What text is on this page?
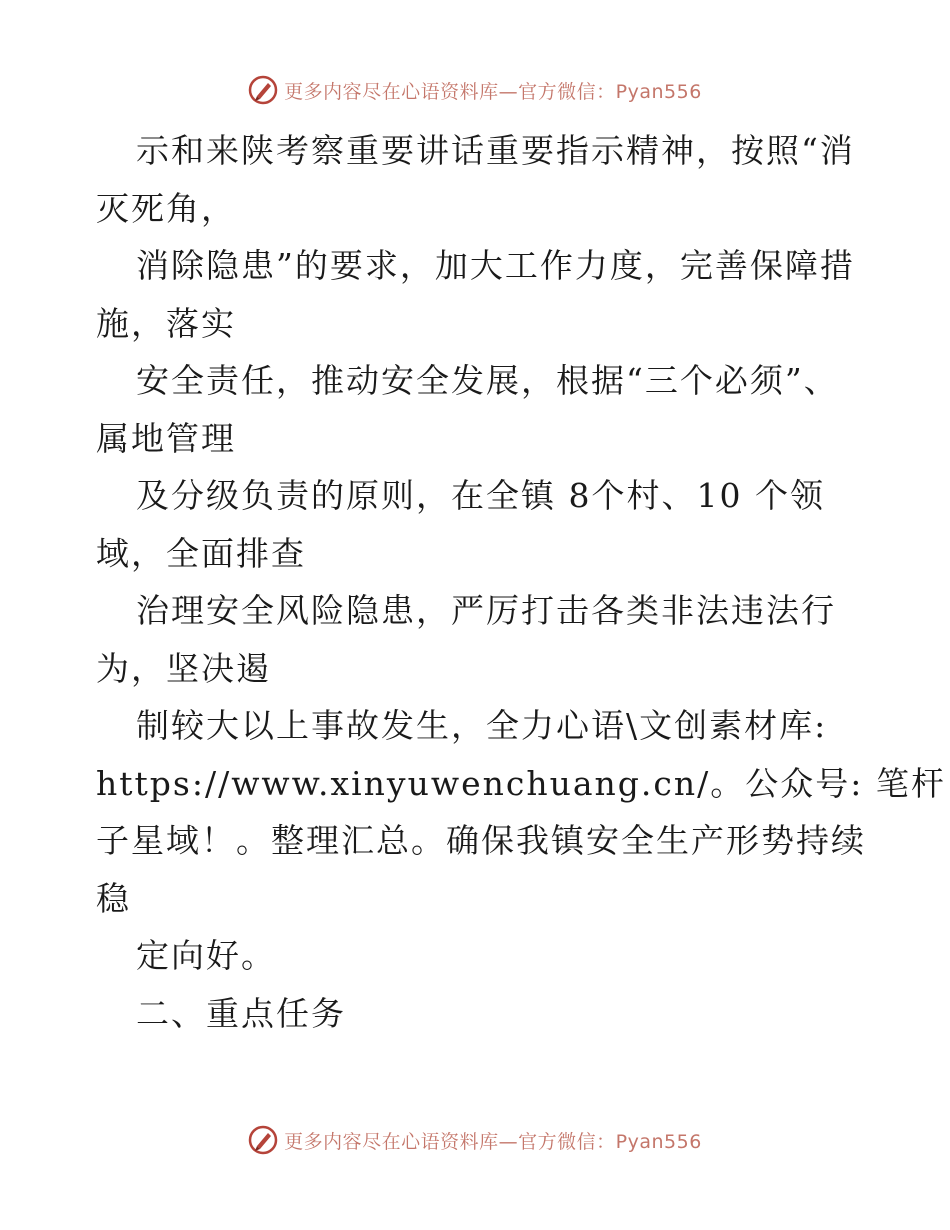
更多内容尽在心语资料库—官方微信：Pyan556
示和来陕考察重要讲话重要指示精神，按照“消
灭死角，
消除隐患”的要求，加大工作力度，完善保障措
施，落实
安全责任，推动安全发展，根据“三个必须”、
属地管理
及分级负责的原则，在全镇 8个村、10 个领
域，全面排查
治理安全风险隐患，严厉打击各类非法违法行
为，坚决遏
制较大以上事故发生，全力心语\文创素材库:
https://www.xinyuwenchuang.cn/。公众号: 笔杆
子星域！。整理汇总。确保我镇安全生产形势持续
稳
定向好。
二、重点任务
更多内容尽在心语资料库—官方微信：Pyan556
